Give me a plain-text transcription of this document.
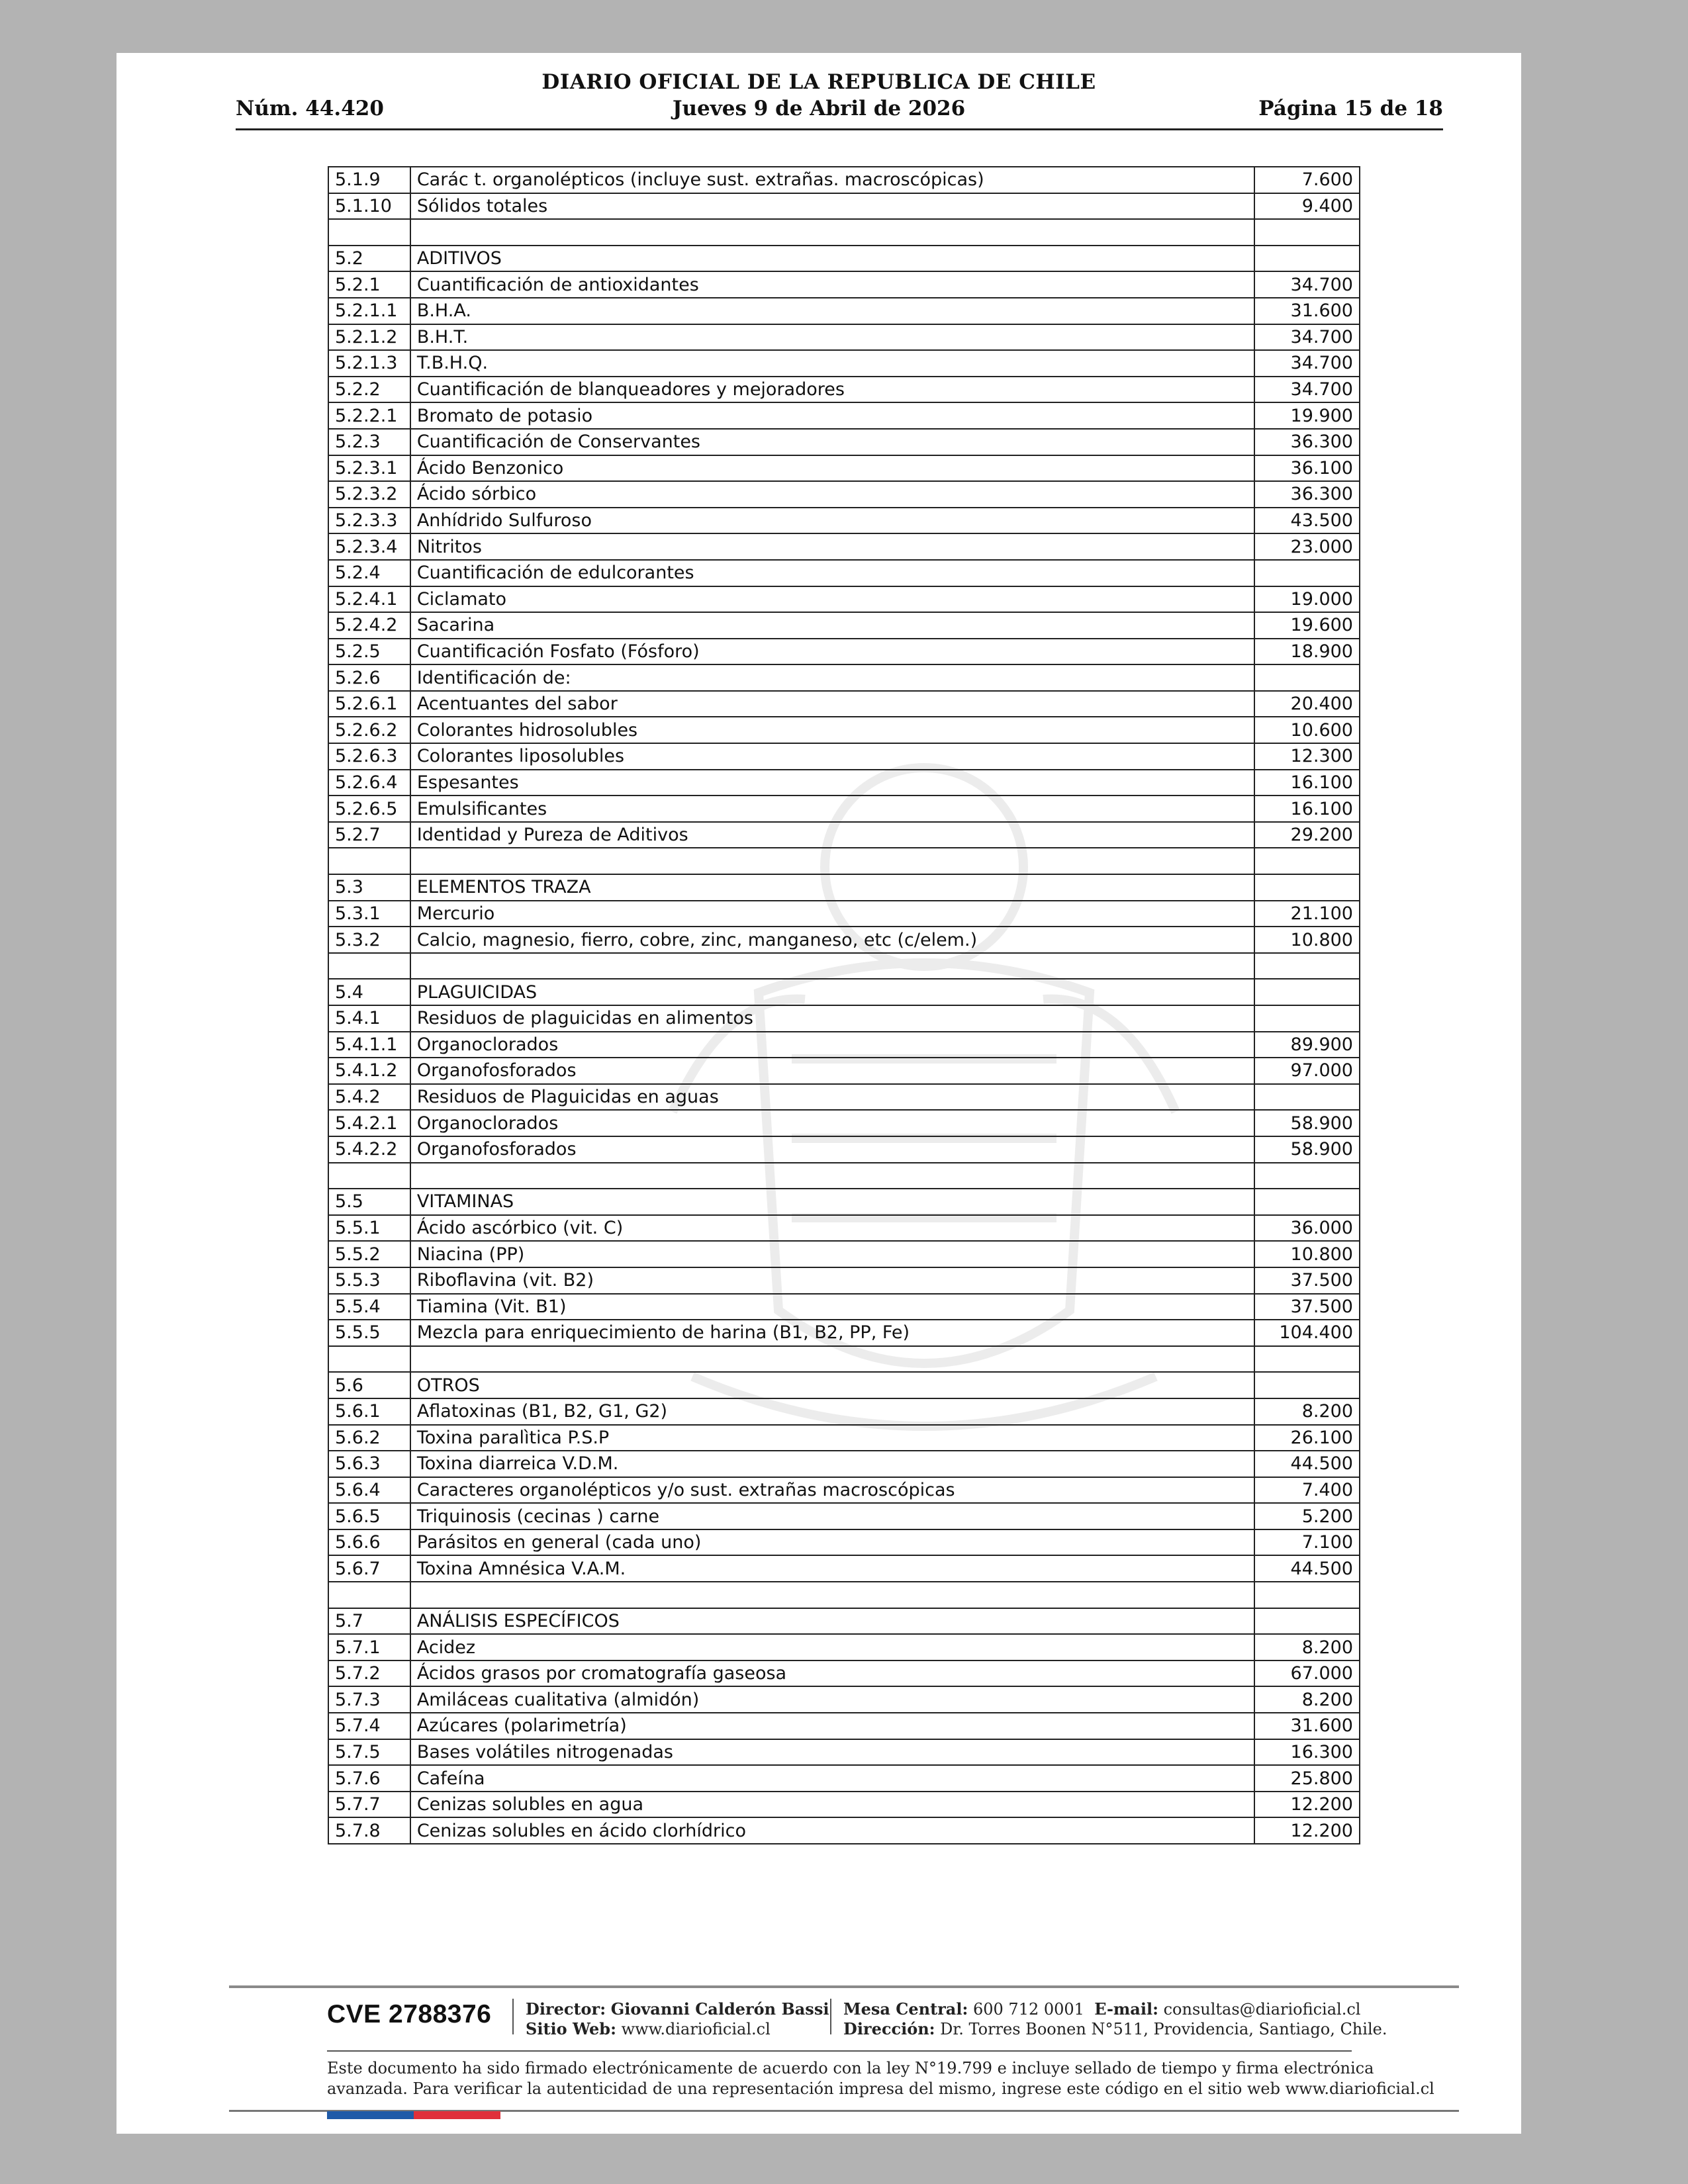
DIARIO OFICIAL DE LA REPUBLICA DE CHILE
Núm. 44.420	Jueves 9 de Abril de 2026	Página 15 de 18
5.1.9	Carác t. organolépticos (incluye sust. extrañas. macroscópicas)	7.600
5.1.10	Sólidos totales	9.400

5.2	ADITIVOS	
5.2.1	Cuantificación de antioxidantes	34.700
5.2.1.1	B.H.A.	31.600
5.2.1.2	B.H.T.	34.700
5.2.1.3	T.B.H.Q.	34.700
5.2.2	Cuantificación de blanqueadores y mejoradores	34.700
5.2.2.1	Bromato de potasio	19.900
5.2.3	Cuantificación de Conservantes	36.300
5.2.3.1	Ácido Benzonico	36.100
5.2.3.2	Ácido sórbico	36.300
5.2.3.3	Anhídrido Sulfuroso	43.500
5.2.3.4	Nitritos	23.000
5.2.4	Cuantificación de edulcorantes	
5.2.4.1	Ciclamato	19.000
5.2.4.2	Sacarina	19.600
5.2.5	Cuantificación Fosfato (Fósforo)	18.900
5.2.6	Identificación de:	
5.2.6.1	Acentuantes del sabor	20.400
5.2.6.2	Colorantes hidrosolubles	10.600
5.2.6.3	Colorantes liposolubles	12.300
5.2.6.4	Espesantes	16.100
5.2.6.5	Emulsificantes	16.100
5.2.7	Identidad y Pureza de Aditivos	29.200

5.3	ELEMENTOS TRAZA	
5.3.1	Mercurio	21.100
5.3.2	Calcio, magnesio, fierro, cobre, zinc, manganeso, etc (c/elem.)	10.800

5.4	PLAGUICIDAS	
5.4.1	Residuos de plaguicidas en alimentos	
5.4.1.1	Organoclorados	89.900
5.4.1.2	Organofosforados	97.000
5.4.2	Residuos de Plaguicidas en aguas	
5.4.2.1	Organoclorados	58.900
5.4.2.2	Organofosforados	58.900

5.5	VITAMINAS	
5.5.1	Ácido ascórbico (vit. C)	36.000
5.5.2	Niacina (PP)	10.800
5.5.3	Riboflavina (vit. B2)	37.500
5.5.4	Tiamina (Vit. B1)	37.500
5.5.5	Mezcla para enriquecimiento de harina (B1, B2, PP, Fe)	104.400

5.6	OTROS	
5.6.1	Aflatoxinas (B1, B2, G1, G2)	8.200
5.6.2	Toxina paralìtica P.S.P	26.100
5.6.3	Toxina diarreica V.D.M.	44.500
5.6.4	Caracteres organolépticos y/o sust. extrañas macroscópicas	7.400
5.6.5	Triquinosis (cecinas ) carne	5.200
5.6.6	Parásitos en general (cada uno)	7.100
5.6.7	Toxina Amnésica V.A.M.	44.500

5.7	ANÁLISIS ESPECÍFICOS	
5.7.1	Acidez	8.200
5.7.2	Ácidos grasos por cromatografía gaseosa	67.000
5.7.3	Amiláceas cualitativa (almidón)	8.200
5.7.4	Azúcares (polarimetría)	31.600
5.7.5	Bases volátiles nitrogenadas	16.300
5.7.6	Cafeína	25.800
5.7.7	Cenizas solubles en agua	12.200
5.7.8	Cenizas solubles en ácido clorhídrico	12.200
CVE 2788376 Director: Giovanni Calderón Bassi
Sitio Web: www.diarioficial.cl
Mesa Central: 600 712 0001 E-mail: consultas@diarioficial.cl
Dirección: Dr. Torres Boonen N°511, Providencia, Santiago, Chile.
Este documento ha sido firmado electrónicamente de acuerdo con la ley N°19.799 e incluye sellado de tiempo y firma electrónica
avanzada. Para verificar la autenticidad de una representación impresa del mismo, ingrese este código en el sitio web www.diarioficial.cl
